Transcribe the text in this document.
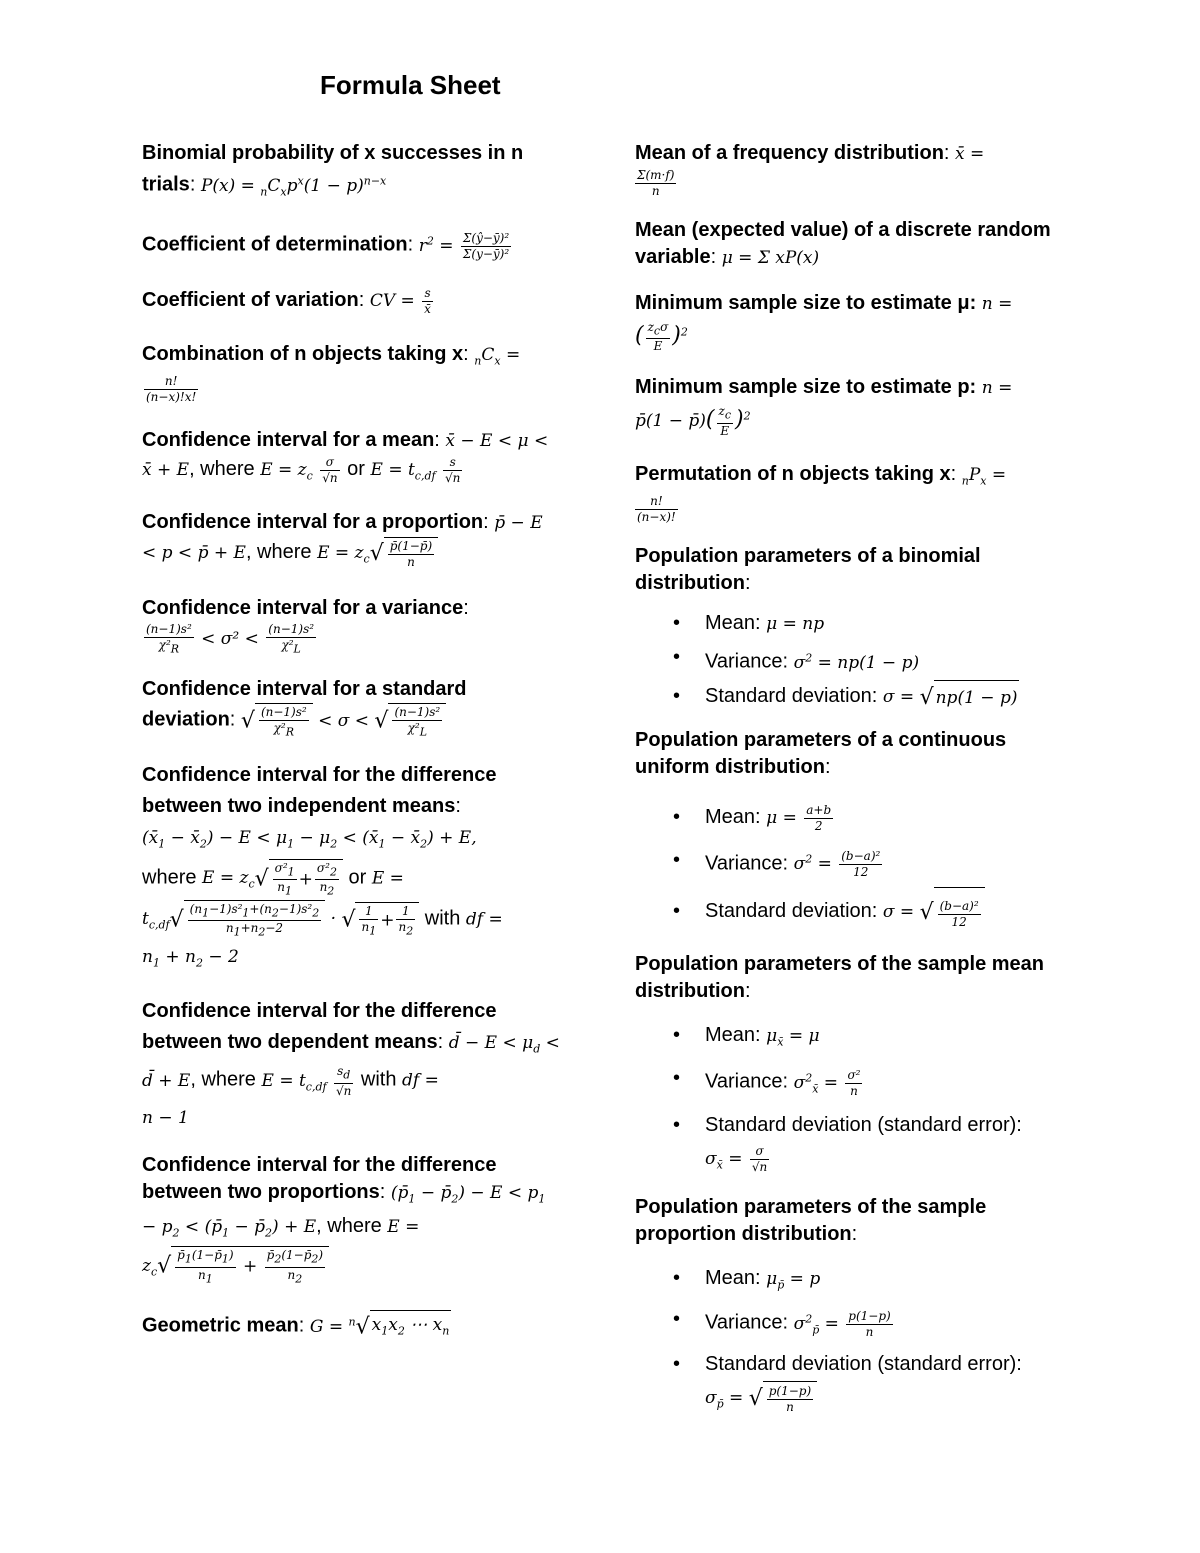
Formula Sheet

Binomial probability of x successes in n trials: $P(x) = _nC_xp^x(1 - p)^{n-x}$

Coefficient of determination: $r^2 = \frac{\text{Σ(ŷ−ȳ)²}}{\text{Σ(y−ȳ)²}}$

Coefficient of variation: CV = $\frac{s}{x̄}$

Combination of n objects taking x: $_nC_x$ =
$\frac{n!}{(n-x)!x!}$

Confidence interval for a mean: x̄ − E < μ < x̄ + E, where $E = z_c \frac{\sigma}{√n}$ or $E = t_{c,df} \frac{s}{√n}$

Confidence interval for a proportion: p̄ − E < p < p̄ + E, where $E = z_c√ \frac{p̄(1-p̄)}{n}$

Confidence interval for a variance:

$\frac{\text{(n−1)s²}}{\chi^2_R} < \sigma^2 < \frac{\text{(n−1)s²}}{\chi^2_L}$

Confidence interval for a standard deviation: √ $\frac{\text{(n−1)s²}}{\chi^2_R} < \sigma$ < √ $\frac{\text{(n−1)s²}}{\chi^2_L}$

Confidence interval for the difference between two independent means:
($x̄_1$ − $x̄_2) - E < \mu_1 - \mu_2$ < ($x̄_1$ − $x̄_2) + E$,
where $E = z_c√ \frac{\sigma^2_1}{n_1} + \frac{\sigma^2_2}{n_2}$ or E =
$t_{c,df}√ \frac{(n_1-1)s^2_1+(n_2-1)s^2_2}{n_1+n_2-2}$ · √ $\frac{1}{n_1} + \frac{1}{n_2}$ with df =
$n_1 + n_2 - 2$

Confidence interval for the difference between two dependent means: d̄ − $E < \mu_d$ < d̄ + E, where $E = t_{c,df} \frac{s_d}{√n}$ with df =
n − 1

Confidence interval for the difference between two proportions: ($p̄_1$ − $p̄_2) - E < p_1 - p_2$ < ($p̄_1$ − $p̄_2) + E$, where E =
$z_c√ \frac{p̄_1(1-p̄_1)}{n_1} + \frac{p̄_2(1-p̄_2)}{n_2}$

Geometric mean: G = $^n$√ $x_1x_2$ ⋯ $x_n$

Mean of a frequency distribution: x̄ =

$\frac{\Sigma(m\cdot f)}{n}$

Mean (expected value) of a discrete random variable: μ = Σ xP(x)

Minimum sample size to estimate μ: n =
( $\frac{z_c\sigma}{E} )^2$

Minimum sample size to estimate p: n =
p̄(1 − p̄)( $\frac{z_c}{E} )^2$

Permutation of n objects taking x: $_nP_x$ =

$\frac{n!}{(n-x)!}$

Population parameters of a binomial distribution:

• Mean: μ = np
• Variance: $\sigma^2 = np(1 - p)$
• Standard deviation: σ = √ np(1 − p)

Population parameters of a continuous uniform distribution:

• Mean: $\mu = \frac{a+b}{2}$
• Variance: $\sigma^2 = \frac{\text{(b−a)²}}{12}$
• Standard deviation: σ = √ $\frac{\text{(b−a)²}}{12}$

Population parameters of the sample mean distribution:

• Mean: $\mu_{x̄} = \mu$
• Variance: $\sigma^2_{x̄} = \frac{\text{σ²}}{n}$
• Standard deviation (standard error):
$\sigma_{x̄} = \frac{\sigma}{√n}$

Population parameters of the sample proportion distribution:

• Mean: $\mu_{p̄} = p$
• Variance: $\sigma^2_{p̄} = \frac{p(1-p)}{n}$
• Standard deviation (standard error):
$\sigma_{p̄}$ = √ $\frac{p(1-p)}{n}$
